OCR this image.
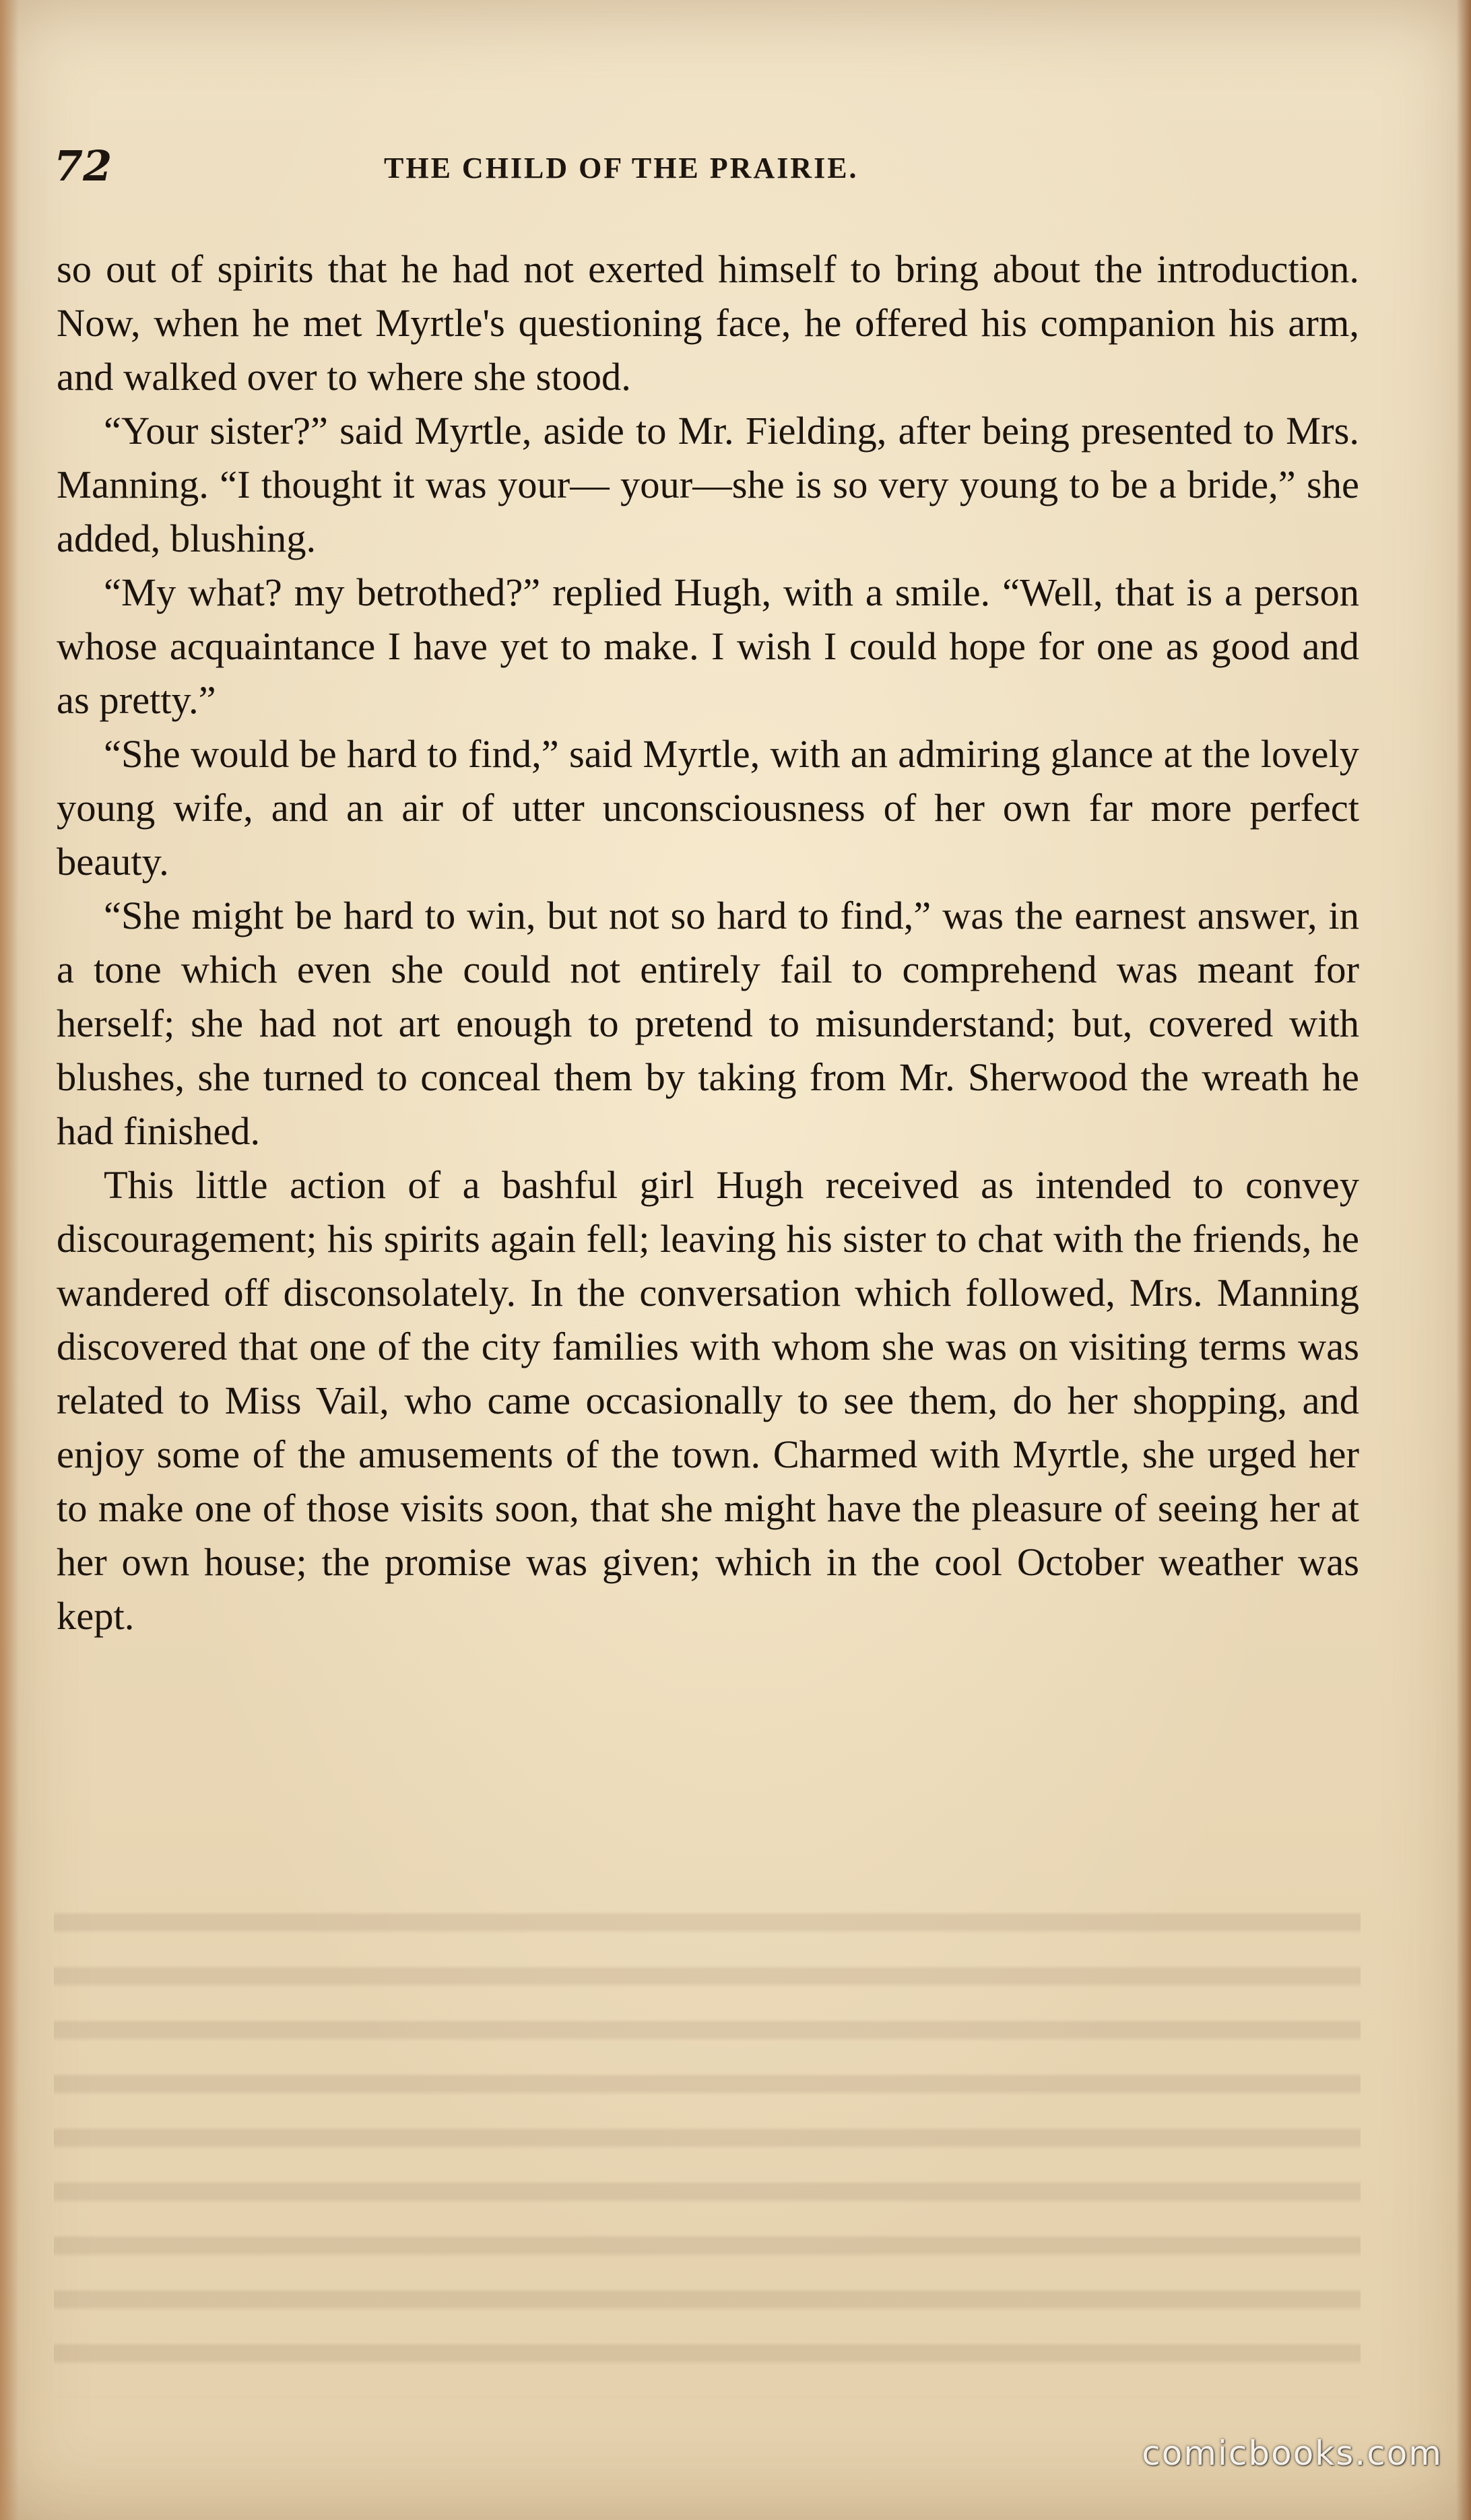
72	THE CHILD OF THE PRAIRIE.

so out of spirits that he had not exerted himself to bring about the introduction. Now, when he met Myrtle's questioning face, he offered his companion his arm, and walked over to where she stood.

“Your sister?” said Myrtle, aside to Mr. Fielding, after being presented to Mrs. Manning. “I thought it was your— your—she is so very young to be a bride,” she added, blushing.

“My what? my betrothed?” replied Hugh, with a smile. “Well, that is a person whose acquaintance I have yet to make. I wish I could hope for one as good and as pretty.”

“She would be hard to find,” said Myrtle, with an admiring glance at the lovely young wife, and an air of utter unconsciousness of her own far more perfect beauty.

“She might be hard to win, but not so hard to find,” was the earnest answer, in a tone which even she could not entirely fail to comprehend was meant for herself; she had not art enough to pretend to misunderstand; but, covered with blushes, she turned to conceal them by taking from Mr. Sherwood the wreath he had finished.

This little action of a bashful girl Hugh received as intended to convey discouragement; his spirits again fell; leaving his sister to chat with the friends, he wandered off disconsolately. In the conversation which followed, Mrs. Manning discovered that one of the city families with whom she was on visiting terms was related to Miss Vail, who came occasionally to see them, do her shopping, and enjoy some of the amusements of the town. Charmed with Myrtle, she urged her to make one of those visits soon, that she might have the pleasure of seeing her at her own house; the promise was given; which in the cool October weather was kept.

comicbooks.com
